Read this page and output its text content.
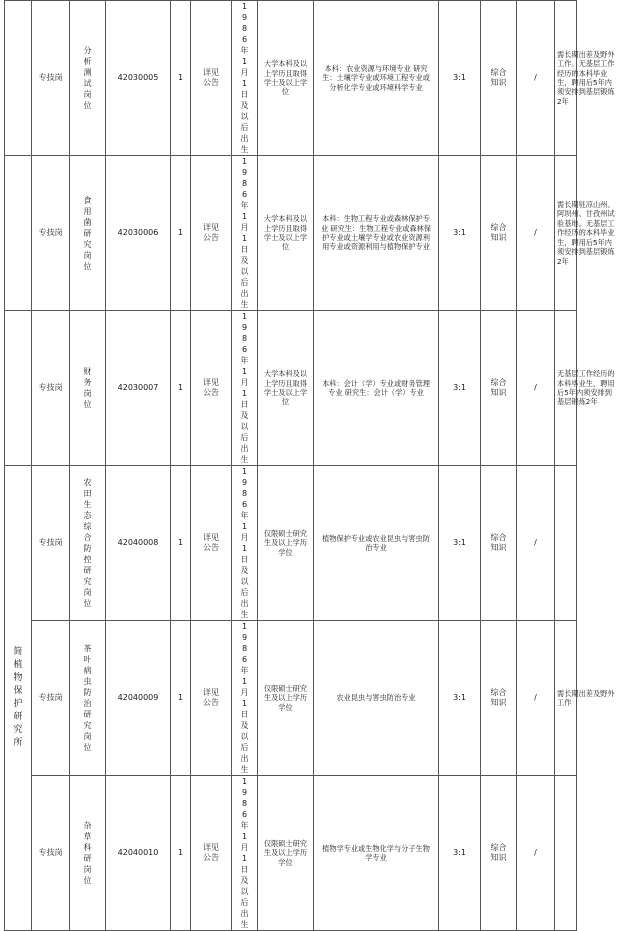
	专技岗	分析测试岗位	42030005	1	详见公告	1986年1月1日及以后出生	大学本科及以上学历且取得学士及以上学位	本科：农业资源与环境专业 研究生：土壤学专业或环境工程专业或分析化学专业或环境科学专业	3:1	综合知识	/	需长期出差及野外工作。无基层工作经历的本科毕业生，聘用后5年内须安排到基层锻炼2年
	专技岗	食用菌研究岗位	42030006	1	详见公告	1986年1月1日及以后出生	大学本科及以上学历且取得学士及以上学位	本科：生物工程专业或森林保护专业 研究生：生物工程专业或森林保护专业或土壤学专业或农业资源利用专业或资源利用与植物保护专业	3:1	综合知识	/	需长期驻凉山州、阿坝州、甘孜州试验基地。无基层工作经历的本科毕业生，聘用后5年内须安排到基层锻炼2年
	专技岗	财务岗位	42030007	1	详见公告	1986年1月1日及以后出生	大学本科及以上学历且取得学士及以上学位	本科：会计（学）专业或财务管理专业 研究生：会计（学）专业	3:1	综合知识	/	无基层工作经历的本科毕业生，聘用后5年内须安排到基层锻炼2年
简植物保护研究所	专技岗	农田生态综合防控研究岗位	42040008	1	详见公告	1986年1月1日及以后出生	仅限硕士研究生及以上学历学位	植物保护专业或农业昆虫与害虫防治专业	3:1	综合知识	/	
	专技岗	茶叶病虫防治研究岗位	42040009	1	详见公告	1986年1月1日及以后出生	仅限硕士研究生及以上学历学位	农业昆虫与害虫防治专业	3:1	综合知识	/	需长期出差及野外工作
	专技岗	杂草科研岗位	42040010	1	详见公告	1986年1月1日及以后出生	仅限硕士研究生及以上学历学位	植物学专业或生物化学与分子生物学专业	3:1	综合知识	/	
